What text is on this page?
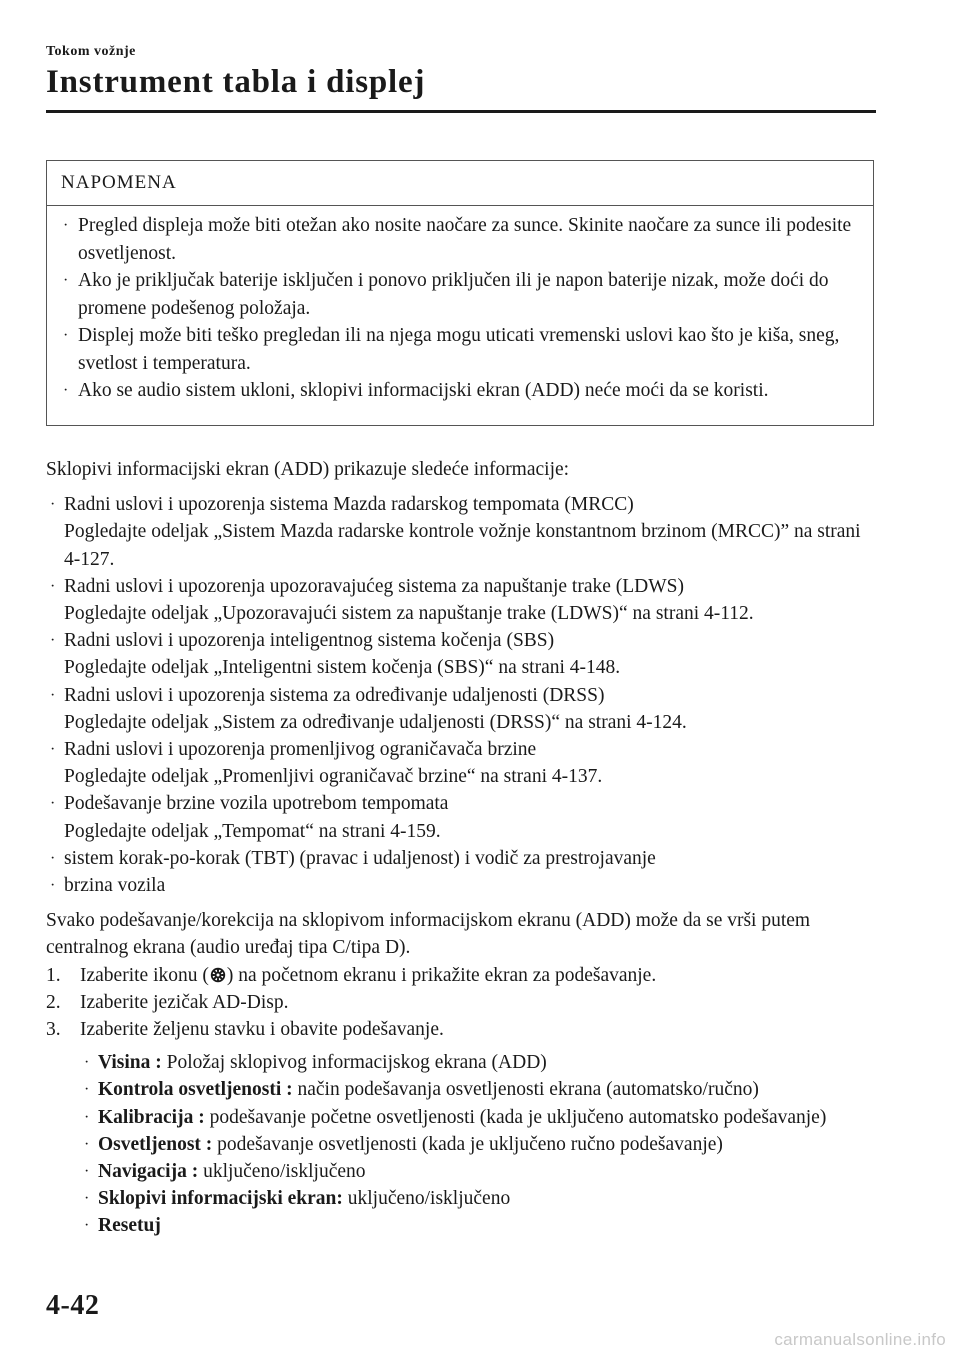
Tokom vožnje
Instrument tabla i displej
NAPOMENA
· Pregled displeja može biti otežan ako nosite naočare za sunce. Skinite naočare za sunce ili podesite osvetljenost.
· Ako je priključak baterije isključen i ponovo priključen ili je napon baterije nizak, može doći do promene podešenog položaja.
· Displej može biti teško pregledan ili na njega mogu uticati vremenski uslovi kao što je kiša, sneg, svetlost i temperatura.
· Ako se audio sistem ukloni, sklopivi informacijski ekran (ADD) neće moći da se koristi.

Sklopivi informacijski ekran (ADD) prikazuje sledeće informacije:

· Radni uslovi i upozorenja sistema Mazda radarskog tempomata (MRCC)
Pogledajte odeljak „Sistem Mazda radarske kontrole vožnje konstantnom brzinom (MRCC)” na strani 4-127.
· Radni uslovi i upozorenja upozoravajućeg sistema za napuštanje trake (LDWS)
Pogledajte odeljak „Upozoravajući sistem za napuštanje trake (LDWS)“ na strani 4-112.
· Radni uslovi i upozorenja inteligentnog sistema kočenja (SBS)
Pogledajte odeljak „Inteligentni sistem kočenja (SBS)“ na strani 4-148.
· Radni uslovi i upozorenja sistema za određivanje udaljenosti (DRSS)
Pogledajte odeljak „Sistem za određivanje udaljenosti (DRSS)“ na strani 4-124.
· Radni uslovi i upozorenja promenljivog ograničavača brzine
Pogledajte odeljak „Promenljivi ograničavač brzine“ na strani 4-137.
· Podešavanje brzine vozila upotrebom tempomata
Pogledajte odeljak „Tempomat“ na strani 4-159.
· sistem korak-po-korak (TBT) (pravac i udaljenost) i vodič za prestrojavanje
· brzina vozila

Svako podešavanje/korekcija na sklopivom informacijskom ekranu (ADD) može da se vrši putem centralnog ekrana (audio uređaj tipa C/tipa D).

1. Izaberite ikonu ( ) na početnom ekranu i prikažite ekran za podešavanje.
2. Izaberite jezičak AD-Disp.
3. Izaberite željenu stavku i obavite podešavanje.
· Visina : Položaj sklopivog informacijskog ekrana (ADD)
· Kontrola osvetljenosti : način podešavanja osvetljenosti ekrana (automatsko/ručno)
· Kalibracija : podešavanje početne osvetljenosti (kada je uključeno automatsko podešavanje)
· Osvetljenost : podešavanje osvetljenosti (kada je uključeno ručno podešavanje)
· Navigacija : uključeno/isključeno
· Sklopivi informacijski ekran: uključeno/isključeno
· Resetuj
4-42
carmanualsonline.info
